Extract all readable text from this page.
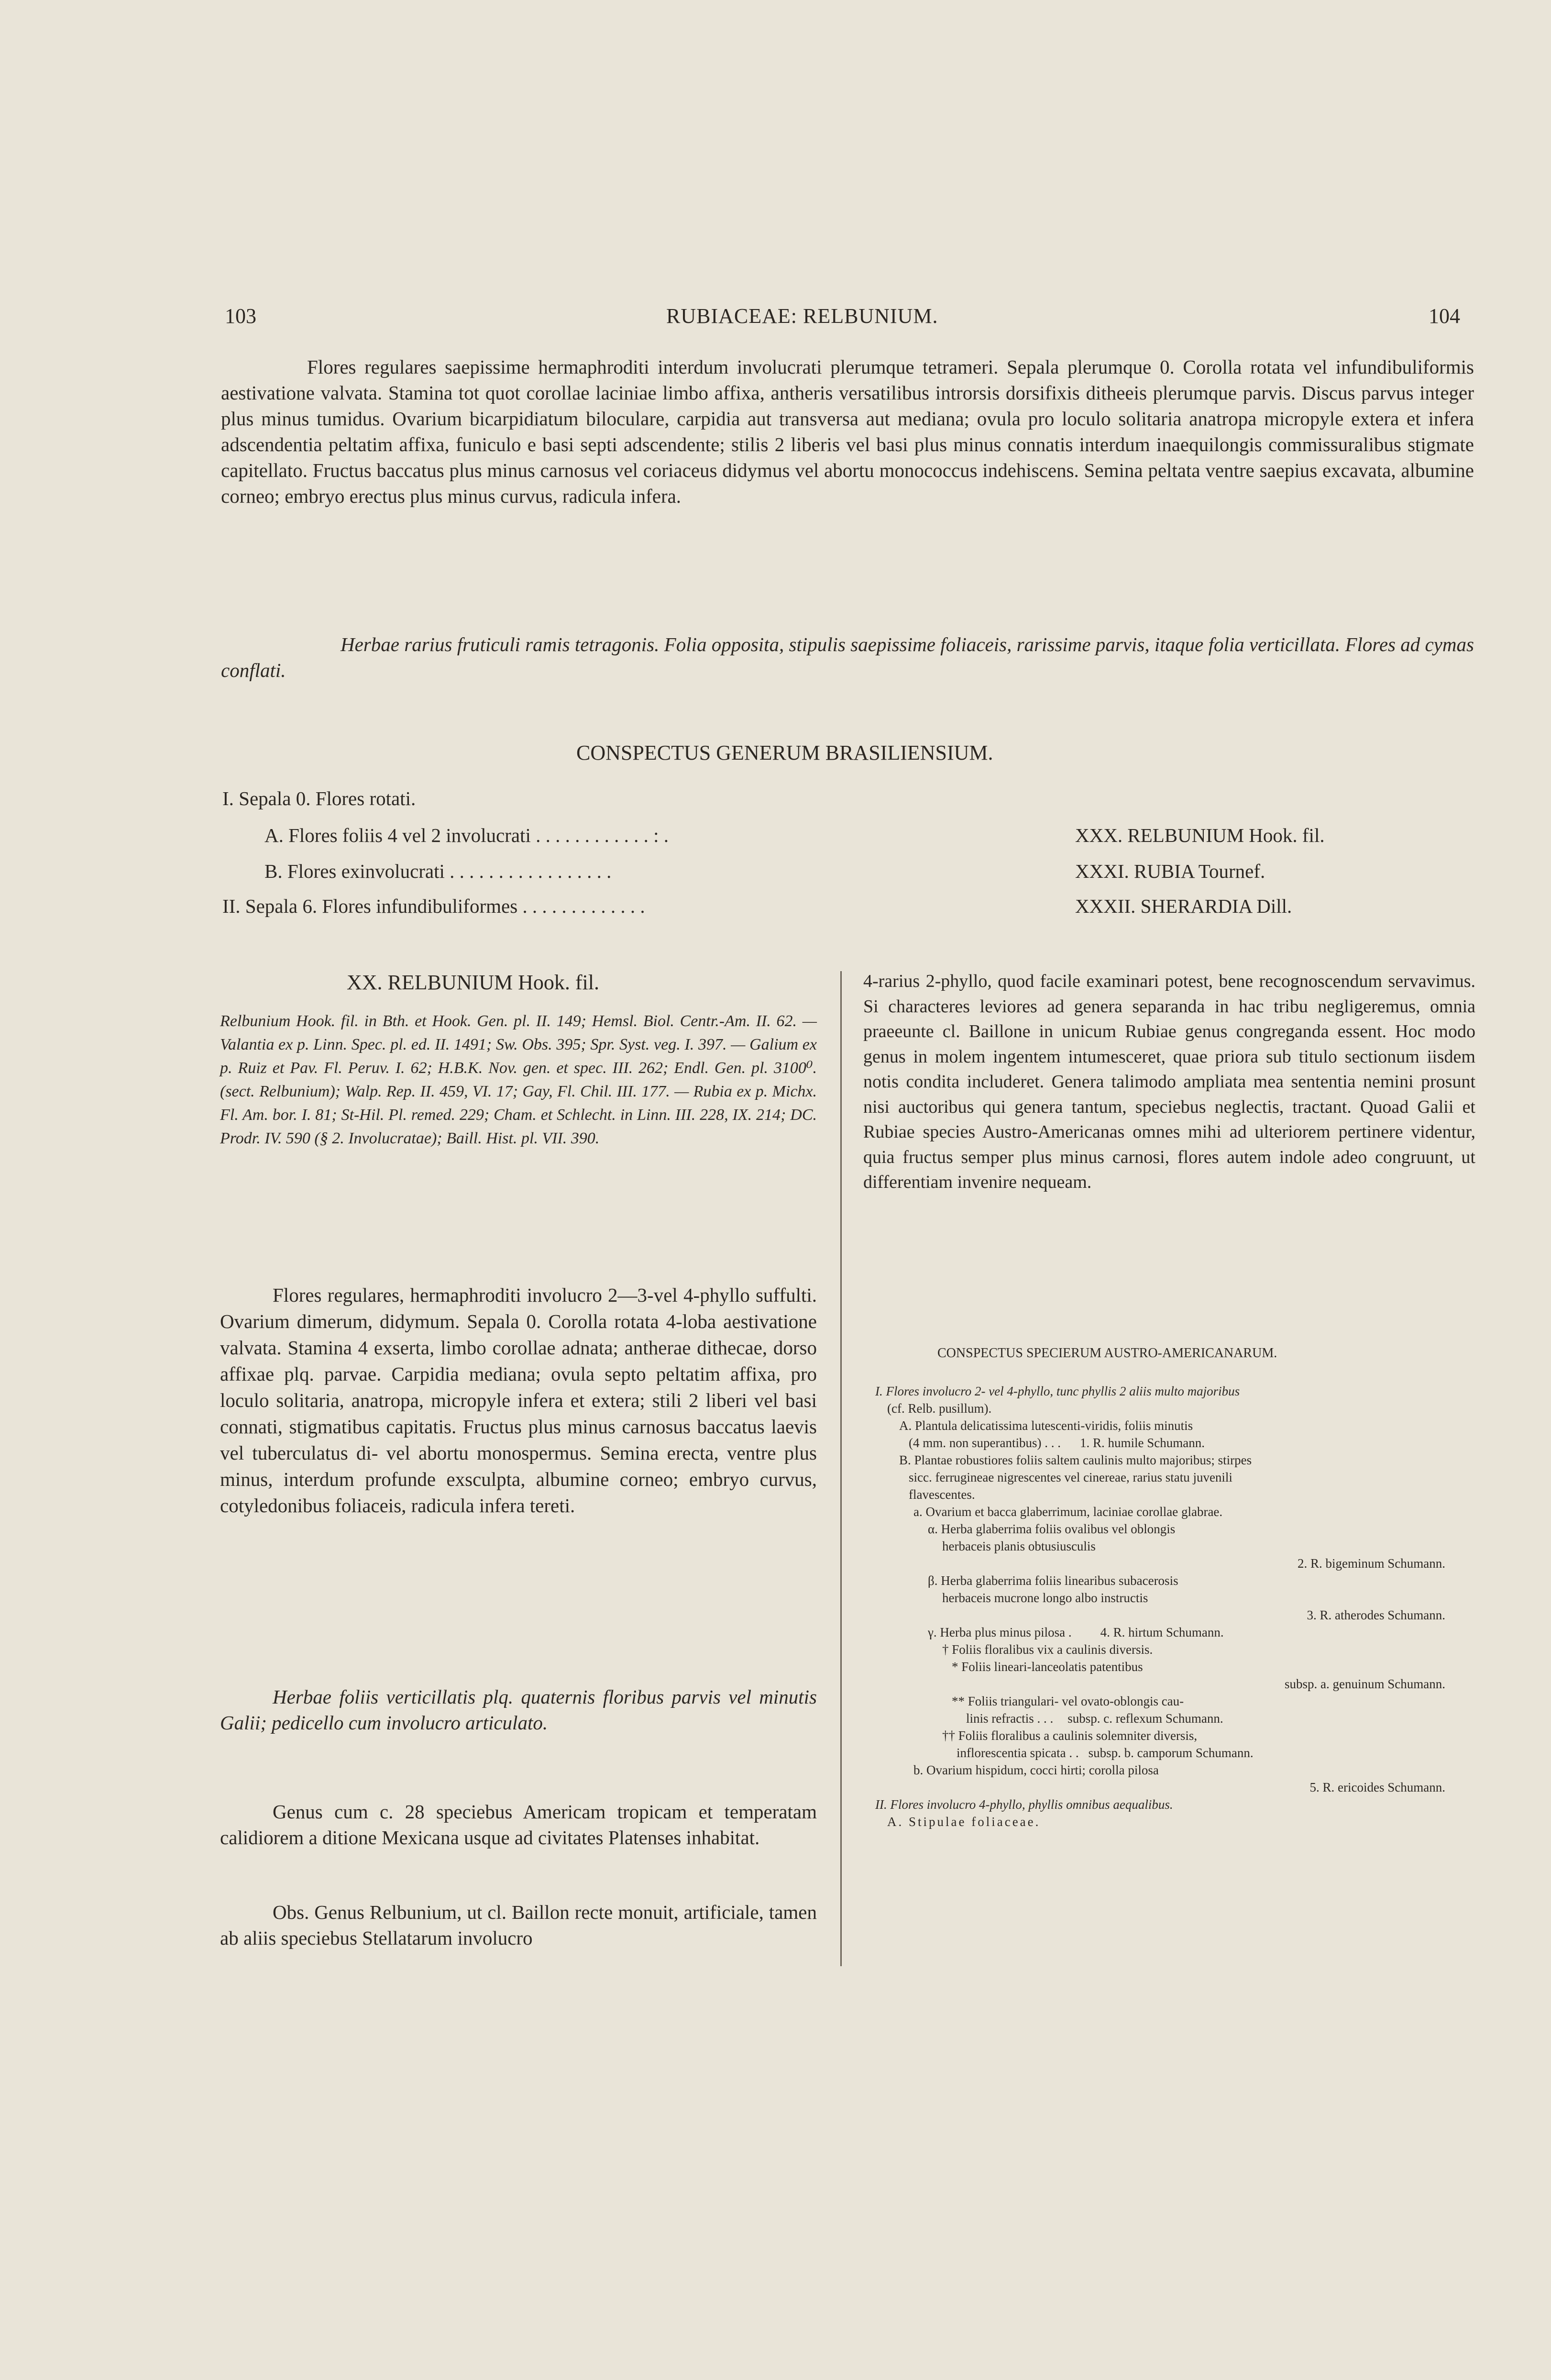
103	RUBIACEAE: RELBUNIUM.	104
Flores regulares saepissime hermaphroditi interdum involucrati plerumque tetrameri. Sepala plerumque 0. Corolla rotata vel infundibuliformis aestivatione valvata. Stamina tot quot corollae laciniae limbo affixa, antheris versatilibus introrsis dorsifixis ditheeis plerumque parvis. Discus parvus integer plus minus tumidus. Ovarium bicarpidiatum biloculare, carpidia aut transversa aut mediana; ovula pro loculo solitaria anatropa micropyle extera et infera adscendentia peltatim affixa, funiculo e basi septi adscendente; stilis 2 liberis vel basi plus minus connatis interdum inaequilongis commissuralibus stigmate capitellato. Fructus baccatus plus minus carnosus vel coriaceus didymus vel abortu monococcus indehiscens. Semina peltata ventre saepius excavata, albumine corneo; embryo erectus plus minus curvus, radicula infera.
Herbae rarius fruticuli ramis tetragonis. Folia opposita, stipulis saepissime foliaceis, rarissime parvis, itaque folia verticillata. Flores ad cymas conflati.
CONSPECTUS GENERUM BRASILIENSIUM.
I. Sepala 0. Flores rotati.
A. Flores foliis 4 vel 2 involucrati . . . . . . . . . . . . : .	XXX. RELBUNIUM Hook. fil.
B. Flores exinvolucrati . . . . . . . . . . . . . . . . .	XXXI. RUBIA Tournef.
II. Sepala 6. Flores infundibuliformes . . . . . . . . . . . . .	XXXII. SHERARDIA Dill.
XX. RELBUNIUM Hook. fil.
Relbunium Hook. fil. in Bth. et Hook. Gen. pl. II. 149; Hemsl. Biol. Centr.-Am. II. 62. — Valantia ex p. Linn. Spec. pl. ed. II. 1491; Sw. Obs. 395; Spr. Syst. veg. I. 397. — Galium ex p. Ruiz et Pav. Fl. Peruv. I. 62; H.B.K. Nov. gen. et spec. III. 262; Endl. Gen. pl. 3100⁰. (sect. Relbunium); Walp. Rep. II. 459, VI. 17; Gay, Fl. Chil. III. 177. — Rubia ex p. Michx. Fl. Am. bor. I. 81; St-Hil. Pl. remed. 229; Cham. et Schlecht. in Linn. III. 228, IX. 214; DC. Prodr. IV. 590 (§ 2. Involucratae); Baill. Hist. pl. VII. 390.
Flores regulares, hermaphroditi involucro 2—3-vel 4-phyllo suffulti. Ovarium dimerum, didymum. Sepala 0. Corolla rotata 4-loba aestivatione valvata. Stamina 4 exserta, limbo corollae adnata; antherae dithecae, dorso affixae plq. parvae. Carpidia mediana; ovula septo peltatim affixa, pro loculo solitaria, anatropa, micropyle infera et extera; stili 2 liberi vel basi connati, stigmatibus capitatis. Fructus plus minus carnosus baccatus laevis vel tuberculatus di- vel abortu monospermus. Semina erecta, ventre plus minus, interdum profunde exsculpta, albumine corneo; embryo curvus, cotyledonibus foliaceis, radicula infera tereti.
Herbae foliis verticillatis plq. quaternis floribus parvis vel minutis Galii; pedicello cum involucro articulato.
Genus cum c. 28 speciebus Americam tropicam et temperatam calidiorem a ditione Mexicana usque ad civitates Platenses inhabitat.
Obs. Genus Relbunium, ut cl. Baillon recte monuit, artificiale, tamen ab aliis speciebus Stellatarum involucro
4-rarius 2-phyllo, quod facile examinari potest, bene recognoscendum servavimus. Si characteres leviores ad genera separanda in hac tribu negligeremus, omnia praeeunte cl. Baillone in unicum Rubiae genus congreganda essent. Hoc modo genus in molem ingentem intumesceret, quae priora sub titulo sectionum iisdem notis condita includeret. Genera talimodo ampliata mea sententia nemini prosunt nisi auctoribus qui genera tantum, speciebus neglectis, tractant. Quoad Galii et Rubiae species Austro-Americanas omnes mihi ad ulteriorem pertinere videntur, quia fructus semper plus minus carnosi, flores autem indole adeo congruunt, ut differentiam invenire nequeam.
CONSPECTUS SPECIERUM AUSTRO-AMERICANARUM.
I. Flores involucro 2- vel 4-phyllo, tunc phyllis 2 aliis multo majoribus
(cf. Relb. pusillum).
A. Plantula delicatissima lutescenti-viridis, foliis minutis
(4 mm. non superantibus) . . . 1. R. humile Schumann.
B. Plantae robustiores foliis saltem caulinis multo majoribus; stirpes
sicc. ferrugineae nigrescentes vel cinereae, rarius statu juvenili
flavescentes.
a. Ovarium et bacca glaberrimum, laciniae corollae glabrae.
α. Herba glaberrima foliis ovalibus vel oblongis
herbaceis planis obtusiusculis
2. R. bigeminum Schumann.
β. Herba glaberrima foliis linearibus subacerosis
herbaceis mucrone longo albo instructis
3. R. atherodes Schumann.
γ. Herba plus minus pilosa . 4. R. hirtum Schumann.
† Foliis floralibus vix a caulinis diversis.
* Foliis lineari-lanceolatis patentibus
subsp. a. genuinum Schumann.
** Foliis triangulari- vel ovato-oblongis cau-
linis refractis . . . subsp. c. reflexum Schumann.
†† Foliis floralibus a caulinis solemniter diversis,
inflorescentia spicata . . subsp. b. camporum Schumann.
b. Ovarium hispidum, cocci hirti; corolla pilosa
5. R. ericoides Schumann.
II. Flores involucro 4-phyllo, phyllis omnibus aequalibus.
A. Stipulae foliaceae.
